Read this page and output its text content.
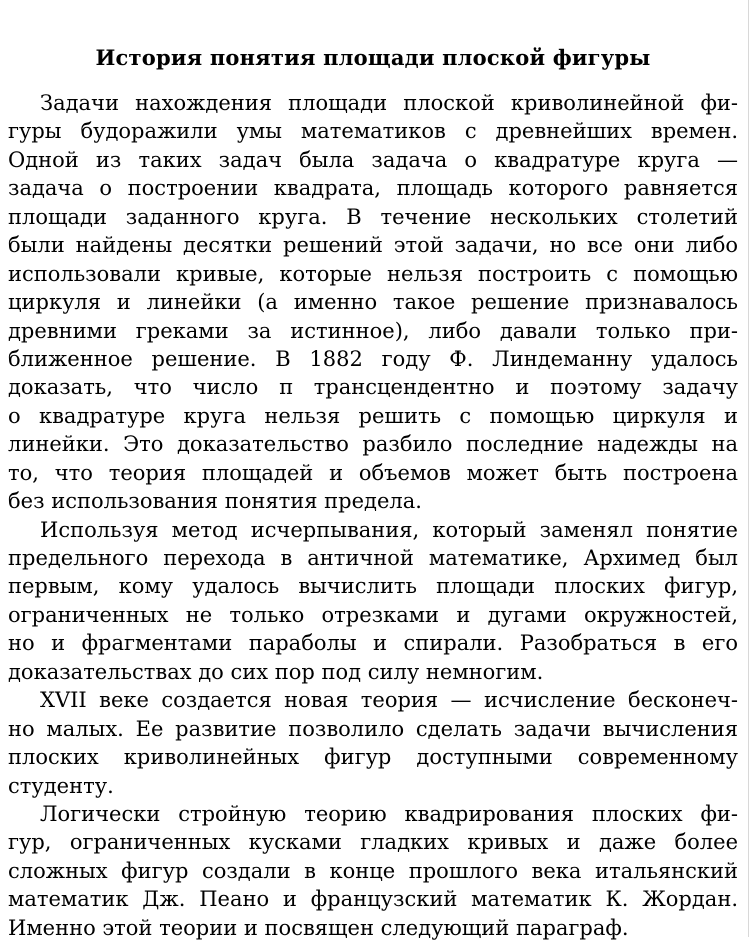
История понятия площади плоской фигуры
Задачи нахождения площади плоской криволинейной фи-
гуры будоражили умы математиков с древнейших времен.
Одной из таких задач была задача о квадратуре круга —
задача о построении квадрата, площадь которого равняется
площади заданного круга. В течение нескольких столетий
были найдены десятки решений этой задачи, но все они либо
использовали кривые, которые нельзя построить с помощью
циркуля и линейки (а именно такое решение признавалось
древними греками за истинное), либо давали только при-
ближенное решение. В 1882 году Ф. Линдеманну удалось
доказать, что число π трансцендентно и поэтому задачу
о квадратуре круга нельзя решить с помощью циркуля и
линейки. Это доказательство разбило последние надежды на
то, что теория площадей и объемов может быть построена
без использования понятия предела.
Используя метод исчерпывания, который заменял понятие
предельного перехода в античной математике, Архимед был
первым, кому удалось вычислить площади плоских фигур,
ограниченных не только отрезками и дугами окружностей,
но и фрагментами параболы и спирали. Разобраться в его
доказательствах до сих пор под силу немногим.
XVII веке создается новая теория — исчисление бесконеч-
но малых. Ее развитие позволило сделать задачи вычисления
плоских криволинейных фигур доступными современному
студенту.
Логически стройную теорию квадрирования плоских фи-
гур, ограниченных кусками гладких кривых и даже более
сложных фигур создали в конце прошлого века итальянский
математик Дж. Пеано и французский математик К. Жордан.
Именно этой теории и посвящен следующий параграф.
